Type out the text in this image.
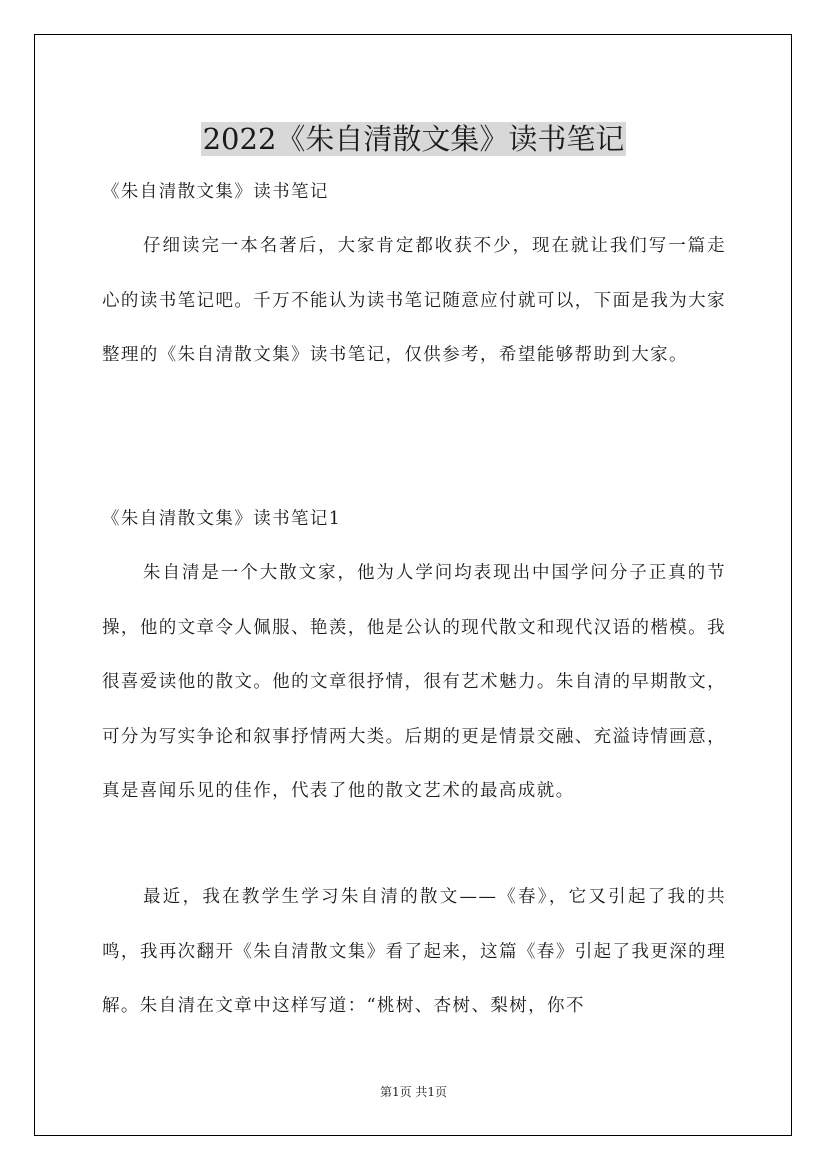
2022《朱自清散文集》读书笔记

《朱自清散文集》读书笔记

仔细读完一本名著后，大家肯定都收获不少，现在就让我们写一篇走心的读书笔记吧。千万不能认为读书笔记随意应付就可以，下面是我为大家整理的《朱自清散文集》读书笔记，仅供参考，希望能够帮助到大家。

《朱自清散文集》读书笔记1

朱自清是一个大散文家，他为人学问均表现出中国学问分子正真的节操，他的文章令人佩服、艳羡，他是公认的现代散文和现代汉语的楷模。我很喜爱读他的散文。他的文章很抒情，很有艺术魅力。朱自清的早期散文，可分为写实争论和叙事抒情两大类。后期的更是情景交融、充溢诗情画意，真是喜闻乐见的佳作，代表了他的散文艺术的最高成就。

最近，我在教学生学习朱自清的散文——《春》，它又引起了我的共鸣，我再次翻开《朱自清散文集》看了起来，这篇《春》引起了我更深的理解。朱自清在文章中这样写道：“桃树、杏树、梨树，你不

第1页 共1页
